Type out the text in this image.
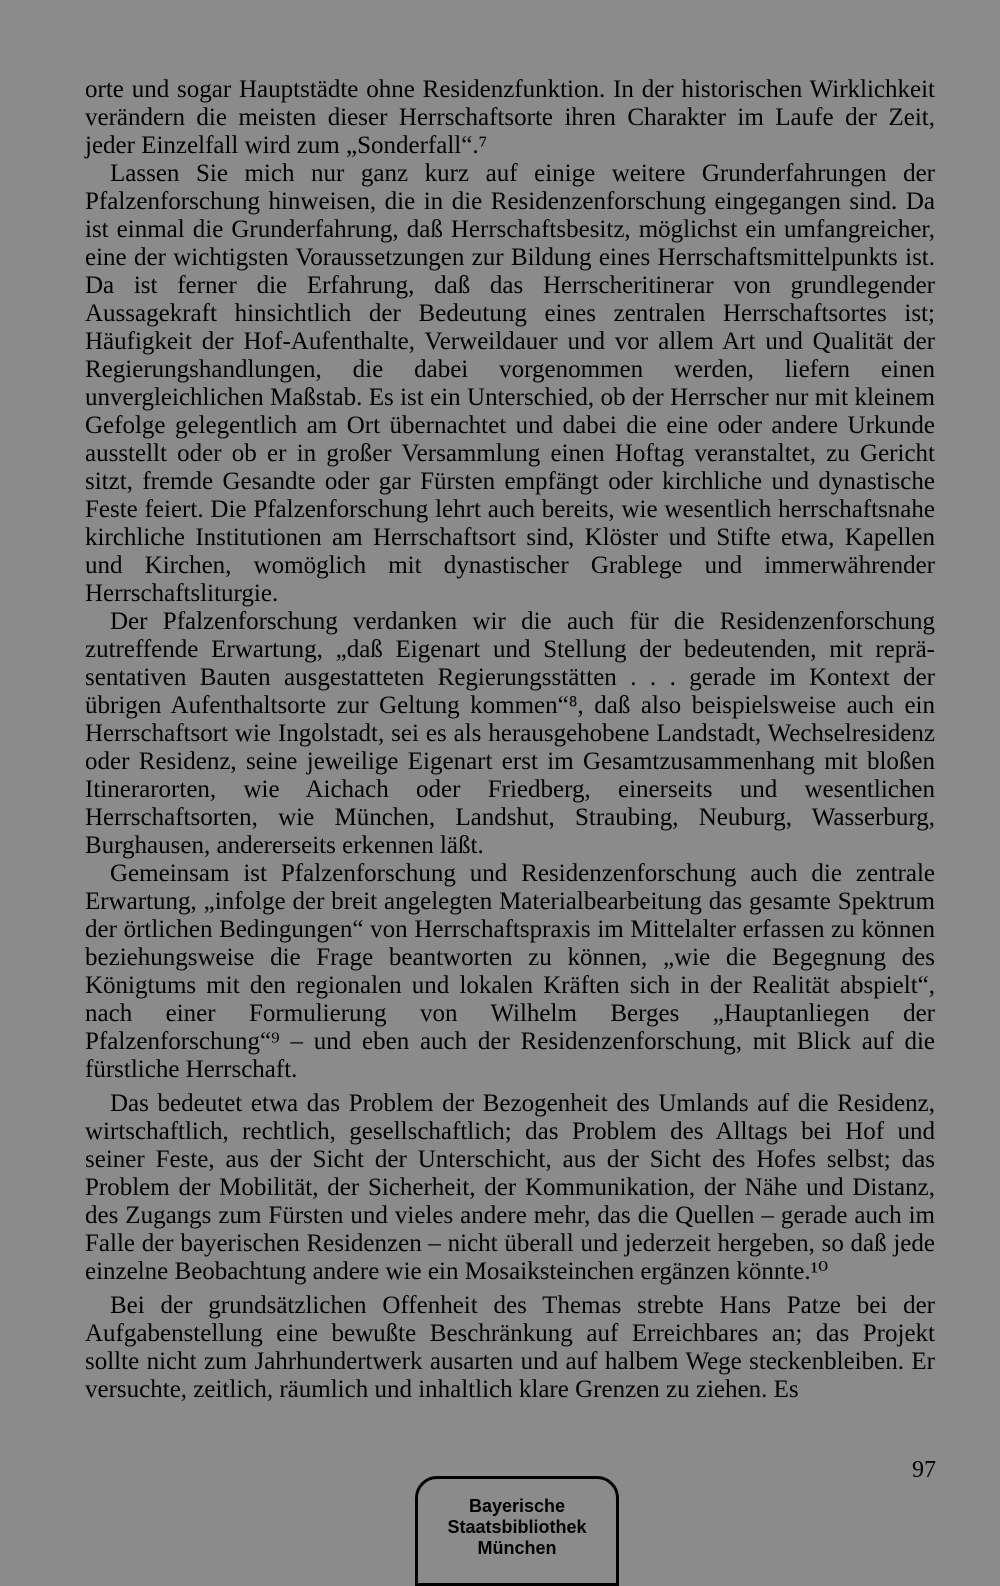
orte und sogar Hauptstädte ohne Residenzfunktion. In der historischen Wirklichkeit verändern die meisten dieser Herrschaftsorte ihren Charakter im Laufe der Zeit, jeder Einzelfall wird zum „Sonderfall“.⁷

Lassen Sie mich nur ganz kurz auf einige weitere Grunderfahrungen der Pfalzenforschung hinweisen, die in die Residenzenforschung eingegangen sind. Da ist einmal die Grunderfahrung, daß Herrschaftsbesitz, möglichst ein umfangreicher, eine der wichtigsten Voraussetzungen zur Bildung eines Herrschaftsmittelpunkts ist. Da ist ferner die Erfahrung, daß das Herrscheritinerar von grundlegender Aussagekraft hinsichtlich der Bedeutung eines zentralen Herrschaftsortes ist; Häufigkeit der Hof-Aufenthalte, Verweildauer und vor allem Art und Qualität der Regierungshandlungen, die dabei vorgenommen werden, liefern einen unvergleichlichen Maßstab. Es ist ein Unterschied, ob der Herrscher nur mit kleinem Gefolge gelegentlich am Ort übernachtet und dabei die eine oder andere Urkunde ausstellt oder ob er in großer Versammlung einen Hoftag veranstaltet, zu Gericht sitzt, fremde Gesandte oder gar Fürsten empfängt oder kirchliche und dynastische Feste feiert. Die Pfalzenforschung lehrt auch bereits, wie wesentlich herrschaftsnahe kirchliche Institutionen am Herrschaftsort sind, Klöster und Stifte etwa, Kapellen und Kirchen, womöglich mit dynastischer Grablege und immerwährender Herrschaftsliturgie.

Der Pfalzenforschung verdanken wir die auch für die Residenzenforschung zutreffende Erwartung, „daß Eigenart und Stellung der bedeutenden, mit repräsentativen Bauten ausgestatteten Regierungsstätten . . . gerade im Kontext der übrigen Aufenthaltsorte zur Geltung kommen“⁸, daß also beispielsweise auch ein Herrschaftsort wie Ingolstadt, sei es als herausgehobene Landstadt, Wechselresidenz oder Residenz, seine jeweilige Eigenart erst im Gesamtzusammenhang mit bloßen Itinerarorten, wie Aichach oder Friedberg, einerseits und wesentlichen Herrschaftsorten, wie München, Landshut, Straubing, Neuburg, Wasserburg, Burghausen, andererseits erkennen läßt.

Gemeinsam ist Pfalzenforschung und Residenzenforschung auch die zentrale Erwartung, „infolge der breit angelegten Materialbearbeitung das gesamte Spektrum der örtlichen Bedingungen“ von Herrschaftspraxis im Mittelalter erfassen zu können beziehungsweise die Frage beantworten zu können, „wie die Begegnung des Königtums mit den regionalen und lokalen Kräften sich in der Realität abspielt“, nach einer Formulierung von Wilhelm Berges „Hauptanliegen der Pfalzenforschung“⁹ – und eben auch der Residenzenforschung, mit Blick auf die fürstliche Herrschaft.

Das bedeutet etwa das Problem der Bezogenheit des Umlands auf die Residenz, wirtschaftlich, rechtlich, gesellschaftlich; das Problem des Alltags bei Hof und seiner Feste, aus der Sicht der Unterschicht, aus der Sicht des Hofes selbst; das Problem der Mobilität, der Sicherheit, der Kommunikation, der Nähe und Distanz, des Zugangs zum Fürsten und vieles andere mehr, das die Quellen – gerade auch im Falle der bayerischen Residenzen – nicht überall und jederzeit hergeben, so daß jede einzelne Beobachtung andere wie ein Mosaiksteinchen ergänzen könnte.¹⁰

Bei der grundsätzlichen Offenheit des Themas strebte Hans Patze bei der Aufgabenstellung eine bewußte Beschränkung auf Erreichbares an; das Projekt sollte nicht zum Jahrhundertwerk ausarten und auf halbem Wege steckenbleiben. Er versuchte, zeitlich, räumlich und inhaltlich klare Grenzen zu ziehen. Es

97
Bayerische
Staatsbibliothek
München
